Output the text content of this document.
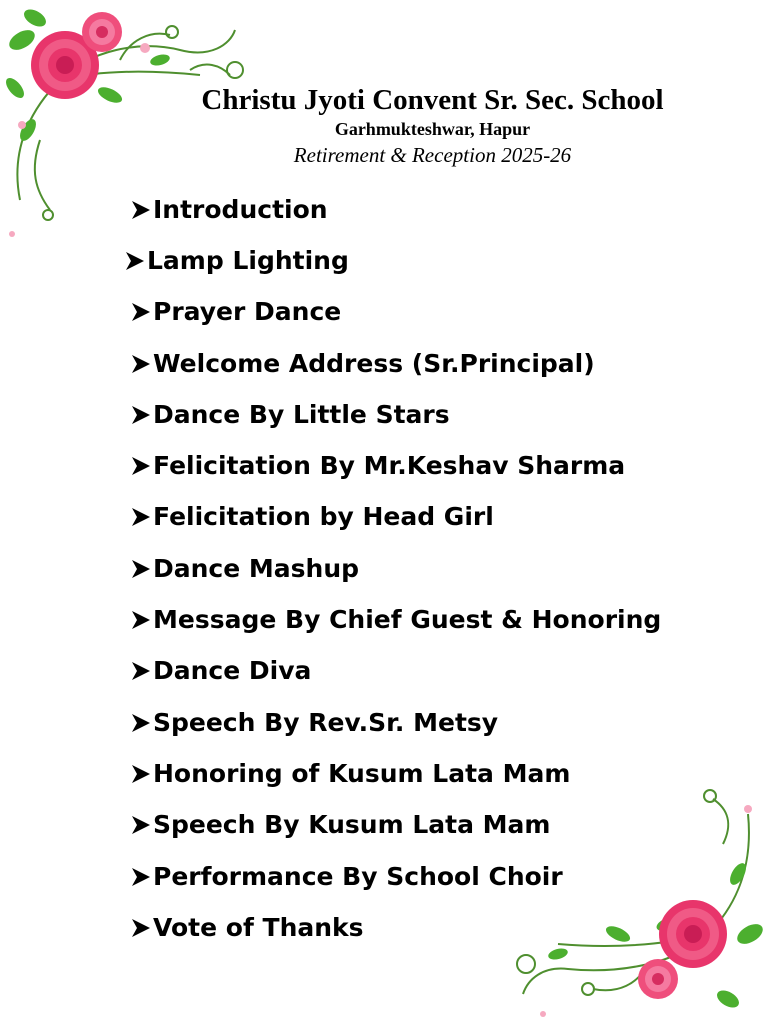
Christu Jyoti Convent Sr. Sec. School
Garhmukteshwar, Hapur
Retirement & Reception 2025-26
Introduction
Lamp Lighting
Prayer Dance
Welcome Address (Sr.Principal)
Dance By Little Stars
Felicitation By Mr.Keshav Sharma
Felicitation by Head Girl
Dance Mashup
Message By Chief Guest & Honoring
Dance Diva
Speech By Rev.Sr. Metsy
Honoring of Kusum Lata Mam
Speech By Kusum Lata Mam
Performance By School Choir
Vote of Thanks
